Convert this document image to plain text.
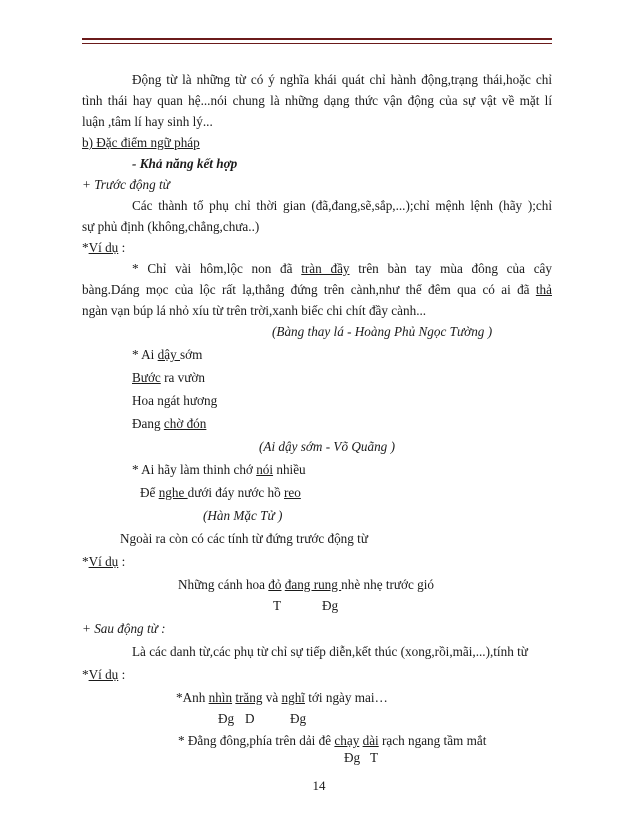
Động từ là những từ có ý nghĩa khái quát chỉ hành động,trạng thái,hoặc chỉ
tình thái hay quan hệ...nói chung là những dạng thức vận động của sự vật về mặt lí
luận ,tâm lí hay sinh lý...
b) Đặc điểm ngữ pháp
- Khả năng kết hợp
+ Trước động từ
Các thành tố phụ chỉ thời gian (đã,đang,sẽ,sắp,...);chỉ mệnh lệnh (hãy );chỉ
sự phủ định (không,chẳng,chưa..)
*Ví dụ :
* Chỉ vài hôm,lộc non đã tràn đầy trên bàn tay mùa đông của cây
bàng.Dáng mọc của lộc rất lạ,thẳng đứng trên cành,như thể đêm qua có ai đã thả
ngàn vạn búp lá nhỏ xíu từ trên trời,xanh biếc chi chít đầy cành...
(Bàng thay lá - Hoàng Phủ Ngọc Tường )
* Ai dậy sớm
Bước ra vườn
Hoa ngát hương
Đang chờ đón
(Ai dậy sớm - Võ Quãng )
* Ai hãy làm thinh chớ nói nhiều
Để nghe dưới đáy nước hồ reo
(Hàn Mặc Tử )
Ngoài ra còn có các tính từ đứng trước động từ
*Ví dụ :
Những cánh hoa đỏ đang rung nhè nhẹ trước gió
T	Đg
+ Sau động từ :
Là các danh từ,các phụ từ chỉ sự tiếp diễn,kết thúc (xong,rồi,mãi,...),tính từ
*Ví dụ :
*Anh nhìn trăng và nghĩ tới ngày mai…
Đg D	Đg
* Đằng đông,phía trên dải đê chạy dài rạch ngang tầm mắt
Đg T
14
